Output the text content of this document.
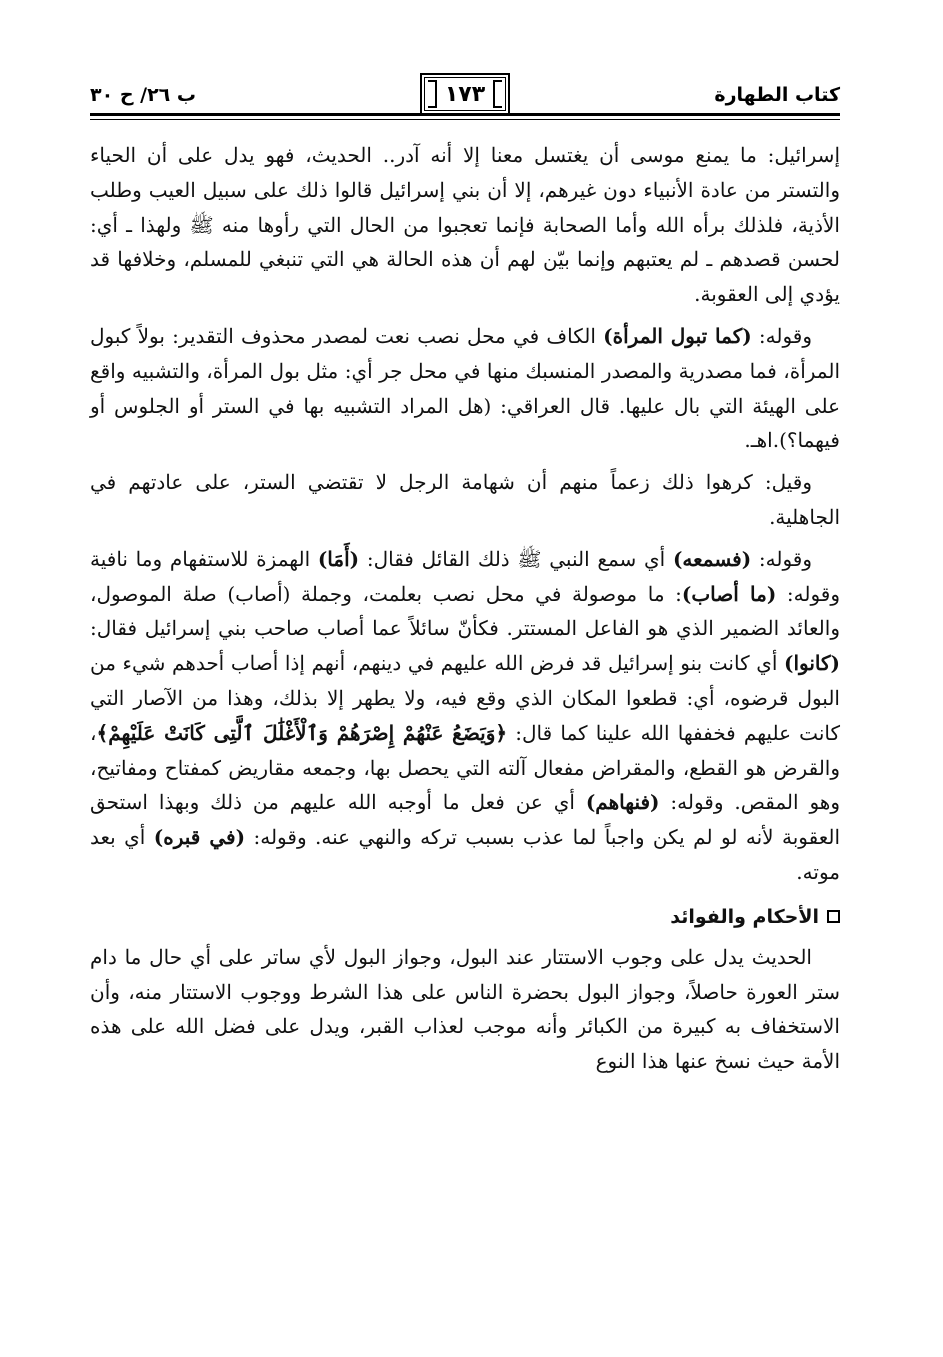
كتاب الطهارة
١٧٣
ب ٢٦/ ح ٣٠

إسرائيل: ما يمنع موسى أن يغتسل معنا إلا أنه آدر.. الحديث، فهو يدل على أن الحياء والتستر من عادة الأنبياء دون غيرهم، إلا أن بني إسرائيل قالوا ذلك على سبيل العيب وطلب الأذية، فلذلك برأه الله وأما الصحابة فإنما تعجبوا من الحال التي رأوها منه ﷺ ولهذا ـ أي: لحسن قصدهم ـ لم يعتبهم وإنما بيّن لهم أن هذه الحالة هي التي تنبغي للمسلم، وخلافها قد يؤدي إلى العقوبة.

وقوله: (كما تبول المرأة) الكاف في محل نصب نعت لمصدر محذوف التقدير: بولاً كبول المرأة، فما مصدرية والمصدر المنسبك منها في محل جر أي: مثل بول المرأة، والتشبيه واقع على الهيئة التي بال عليها. قال العراقي: (هل المراد التشبيه بها في الستر أو الجلوس أو فيهما؟).اهـ.

وقيل: كرهوا ذلك زعماً منهم أن شهامة الرجل لا تقتضي الستر، على عادتهم في الجاهلية.

وقوله: (فسمعه) أي سمع النبي ﷺ ذلك القائل فقال: (أَمَا) الهمزة للاستفهام وما نافية وقوله: (ما أصاب): ما موصولة في محل نصب بعلمت، وجملة (أصاب) صلة الموصول، والعائد الضمير الذي هو الفاعل المستتر. فكأنّ سائلاً عما أصاب صاحب بني إسرائيل فقال: (كانوا) أي كانت بنو إسرائيل قد فرض الله عليهم في دينهم، أنهم إذا أصاب أحدهم شيء من البول قرضوه، أي: قطعوا المكان الذي وقع فيه، ولا يطهر إلا بذلك، وهذا من الآصار التي كانت عليهم فخففها الله علينا كما قال: ﴿وَيَضَعُ عَنْهُمْ إِصْرَهُمْ وَٱلْأَغْلَٰلَ ٱلَّتِى كَانَتْ عَلَيْهِمْ﴾، والقرض هو القطع، والمقراض مفعال آلته التي يحصل بها، وجمعه مقاريض كمفتاح ومفاتيح، وهو المقص. وقوله: (فنهاهم) أي عن فعل ما أوجبه الله عليهم من ذلك وبهذا استحق العقوبة لأنه لو لم يكن واجباً لما عذب بسبب تركه والنهي عنه. وقوله: (في قبره) أي بعد موته.

الأحكام والفوائد

الحديث يدل على وجوب الاستتار عند البول، وجواز البول لأي ساتر على أي حال ما دام ستر العورة حاصلاً، وجواز البول بحضرة الناس على هذا الشرط ووجوب الاستتار منه، وأن الاستخفاف به كبيرة من الكبائر وأنه موجب لعذاب القبر، ويدل على فضل الله على هذه الأمة حيث نسخ عنها هذا النوع
